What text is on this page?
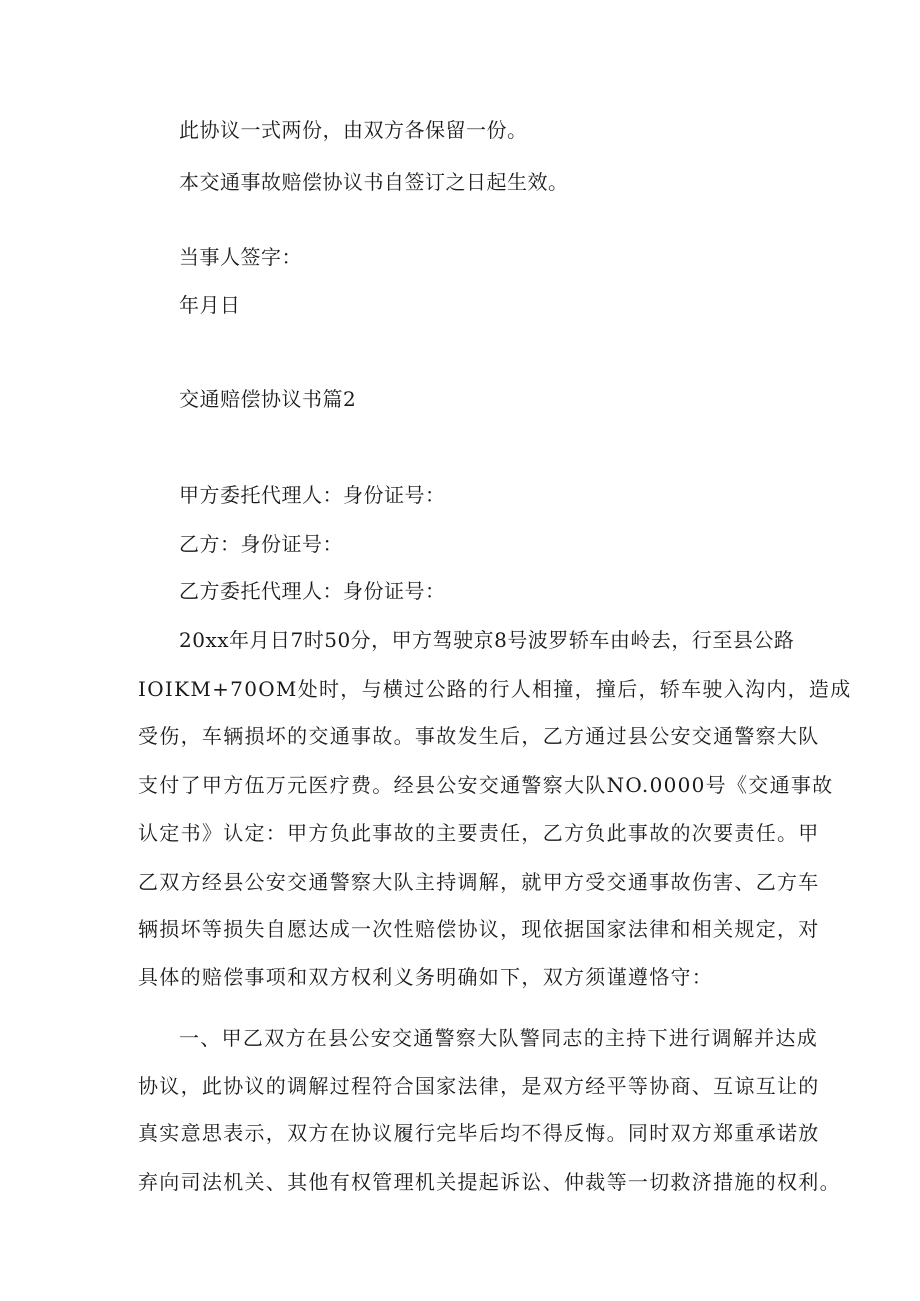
此协议一式两份，由双方各保留一份。
本交通事故赔偿协议书自签订之日起生效。
当事人签字：
年月日
交通赔偿协议书篇2
甲方委托代理人：身份证号：
乙方：身份证号：
乙方委托代理人：身份证号：
20xx年月日7时50分，甲方驾驶京8号波罗轿车由岭去，行至县公路
IOIKM+70OM处时，与横过公路的行人相撞，撞后，轿车驶入沟内，造成
受伤，车辆损坏的交通事故。事故发生后，乙方通过县公安交通警察大队
支付了甲方伍万元医疗费。经县公安交通警察大队NO.0000号《交通事故
认定书》认定：甲方负此事故的主要责任，乙方负此事故的次要责任。甲
乙双方经县公安交通警察大队主持调解，就甲方受交通事故伤害、乙方车
辆损坏等损失自愿达成一次性赔偿协议，现依据国家法律和相关规定，对
具体的赔偿事项和双方权利义务明确如下，双方须谨遵恪守：
一、甲乙双方在县公安交通警察大队警同志的主持下进行调解并达成
协议，此协议的调解过程符合国家法律，是双方经平等协商、互谅互让的
真实意思表示，双方在协议履行完毕后均不得反悔。同时双方郑重承诺放
弃向司法机关、其他有权管理机关提起诉讼、仲裁等一切救济措施的权利。
